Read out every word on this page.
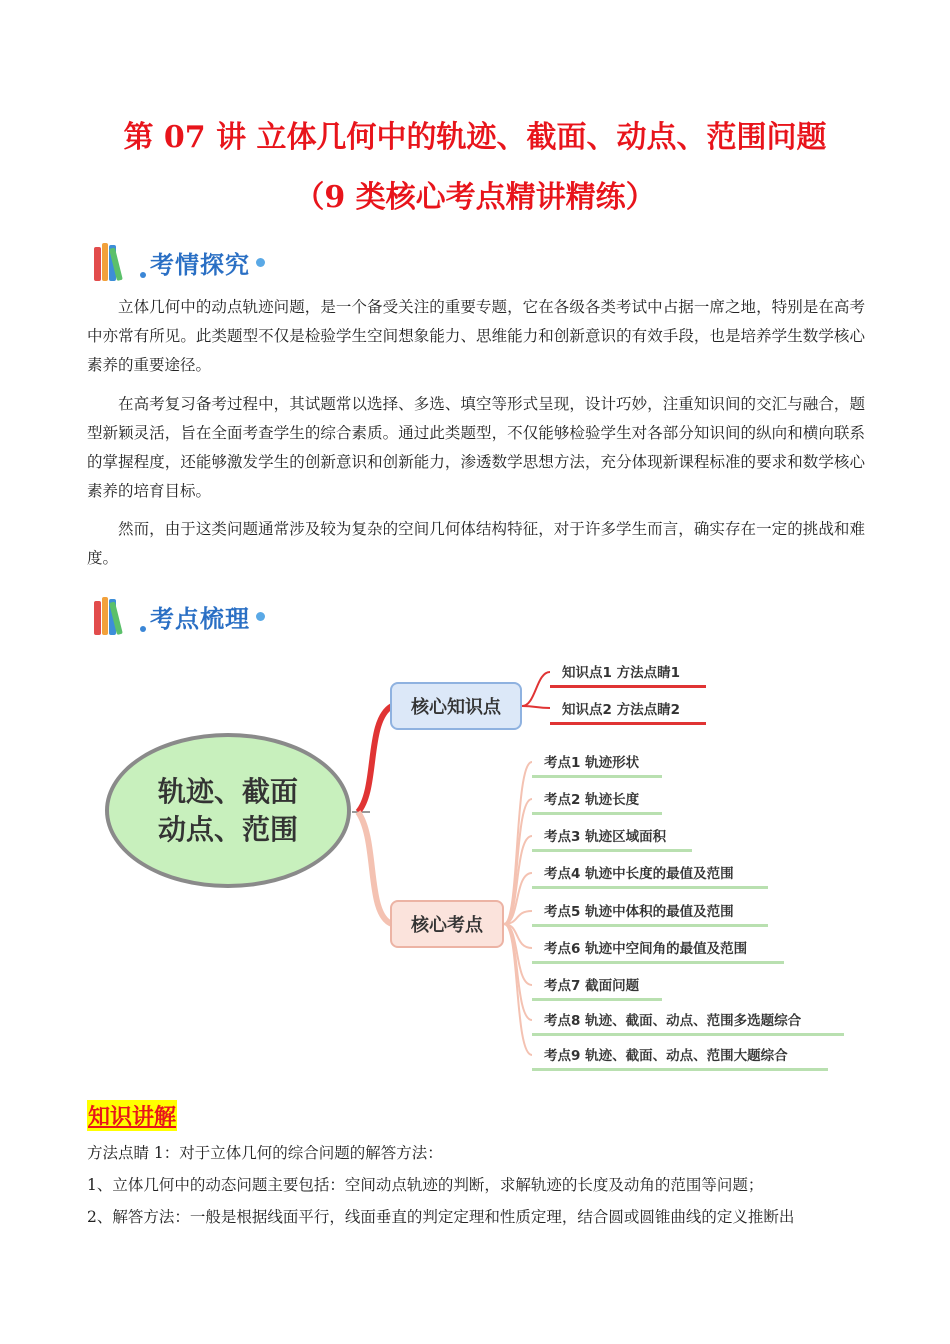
第 07 讲 立体几何中的轨迹、截面、动点、范围问题
（9 类核心考点精讲精练）
考情探究
立体几何中的动点轨迹问题，是一个备受关注的重要专题，它在各级各类考试中占据一席之地，特别是在高考中亦常有所见。此类题型不仅是检验学生空间想象能力、思维能力和创新意识的有效手段，也是培养学生数学核心素养的重要途径。
在高考复习备考过程中，其试题常以选择、多选、填空等形式呈现，设计巧妙，注重知识间的交汇与融合，题型新颖灵活，旨在全面考查学生的综合素质。通过此类题型，不仅能够检验学生对各部分知识间的纵向和横向联系的掌握程度，还能够激发学生的创新意识和创新能力，渗透数学思想方法，充分体现新课程标准的要求和数学核心素养的培育目标。
然而，由于这类问题通常涉及较为复杂的空间几何体结构特征，对于许多学生而言，确实存在一定的挑战和难度。
考点梳理
轨迹、截面
动点、范围
核心知识点
核心考点
知识点1 方法点睛1
知识点2 方法点睛2
考点1 轨迹形状
考点2 轨迹长度
考点3 轨迹区域面积
考点4 轨迹中长度的最值及范围
考点5 轨迹中体积的最值及范围
考点6 轨迹中空间角的最值及范围
考点7 截面问题
考点8 轨迹、截面、动点、范围多选题综合
考点9 轨迹、截面、动点、范围大题综合
知识讲解
方法点睛 1：对于立体几何的综合问题的解答方法：
1、立体几何中的动态问题主要包括：空间动点轨迹的判断，求解轨迹的长度及动角的范围等问题；
2、解答方法：一般是根据线面平行，线面垂直的判定定理和性质定理，结合圆或圆锥曲线的定义推断出
